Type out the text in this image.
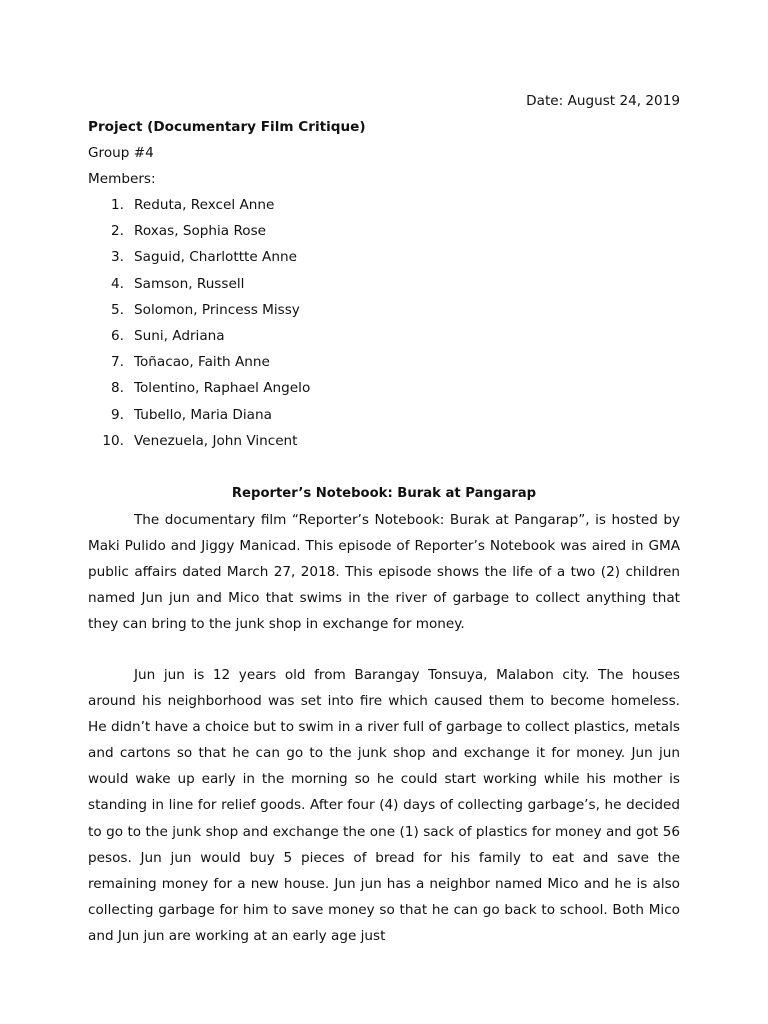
Date: August 24, 2019
Project (Documentary Film Critique)
Group #4
Members:
1. Reduta, Rexcel Anne
2. Roxas, Sophia Rose
3. Saguid, Charlottte Anne
4. Samson, Russell
5. Solomon, Princess Missy
6. Suni, Adriana
7. Toñacao, Faith Anne
8. Tolentino, Raphael Angelo
9. Tubello, Maria Diana
10. Venezuela, John Vincent
Reporter’s Notebook: Burak at Pangarap

The documentary film “Reporter’s Notebook: Burak at Pangarap”, is hosted by Maki Pulido and Jiggy Manicad. This episode of Reporter’s Notebook was aired in GMA public affairs dated March 27, 2018. This episode shows the life of a two (2) children named Jun jun and Mico that swims in the river of garbage to collect anything that they can bring to the junk shop in exchange for money.

Jun jun is 12 years old from Barangay Tonsuya, Malabon city. The houses around his neighborhood was set into fire which caused them to become homeless. He didn’t have a choice but to swim in a river full of garbage to collect plastics, metals and cartons so that he can go to the junk shop and exchange it for money. Jun jun would wake up early in the morning so he could start working while his mother is standing in line for relief goods. After four (4) days of collecting garbage’s, he decided to go to the junk shop and exchange the one (1) sack of plastics for money and got 56 pesos. Jun jun would buy 5 pieces of bread for his family to eat and save the remaining money for a new house. Jun jun has a neighbor named Mico and he is also collecting garbage for him to save money so that he can go back to school. Both Mico and Jun jun are working at an early age just
